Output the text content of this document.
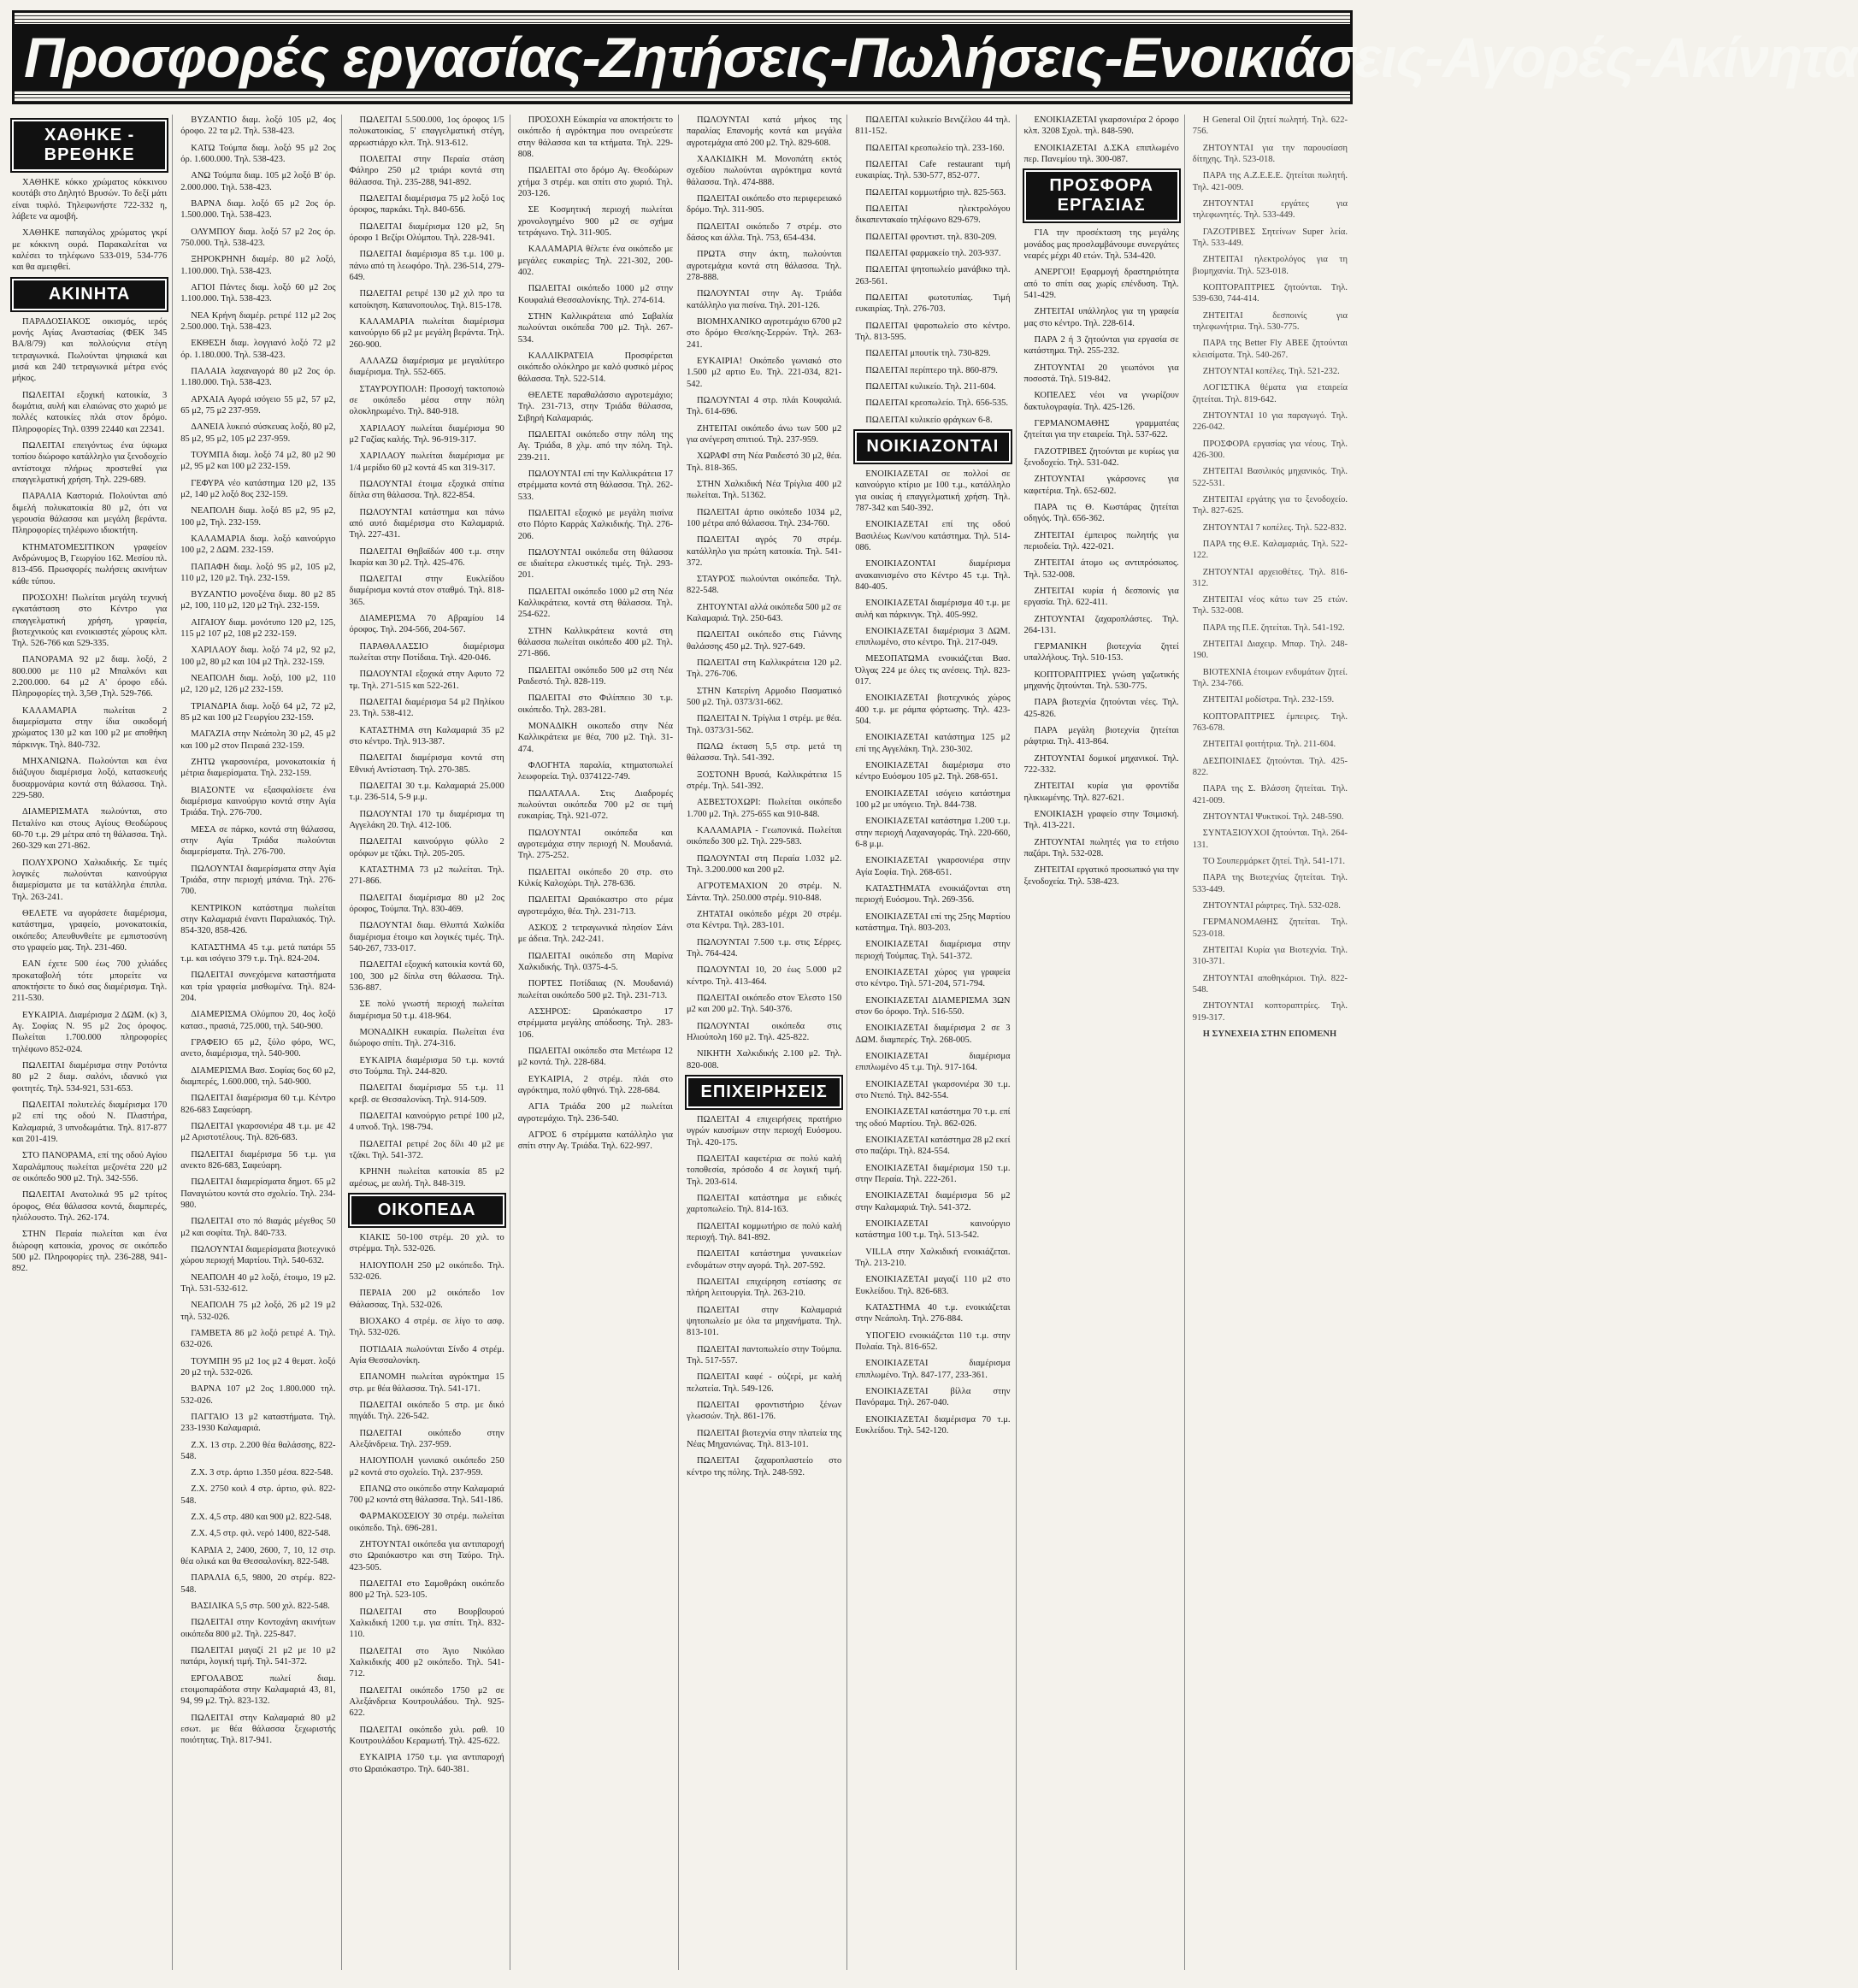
Προσφορές εργασίας-Ζητήσεις-Πωλήσεις-Ενοικιάσεις-Αγορές-Ακίνητα
ΧΑΘΗΚΕ - ΒΡΕΘΗΚΕ

ΧΑΘΗΚΕ κόκκο χρώματος κόκκινου κουτάβι στο Δηλητό Βρυσών. Το δεξί μάτι είναι τυφλό. Τηλεφωνήστε 722-332 η, λάβετε να αμοιβή.

ΧΑΘΗΚΕ παπαγάλος χρώματος γκρί με κόκκινη ουρά. Παρακαλείται να καλέσει το τηλέφωνο 533-019, 534-776 και θα αμειφθεί.

ΑΚΙΝΗΤΑ

ΠΑΡΑΔΟΣΙΑΚΟΣ οικισμός, ιερός μονής Αγίας Αναστασίας (ΦΕΚ 345 ΒΑ/8/79) και πολλούςνια στέγη τετραγωνικά. Πωλούνται ψηφιακά και μισά και 240 τετραγωνικά μέτρα ενός μήκος.

ΠΩΛΕΙΤΑΙ εξοχική κατοικία, 3 δωμάτια, αυλή και ελαιώνας στο χωριό με πολλές κατοικίες πλάι στον δρόμο. Πληροφορίες Τηλ. 0399 22440 και 22341.

ΠΩΛΕΙΤΑΙ επειγόντως ένα ύψωμα τοπίου διώροφο κατάλληλο για ξενοδοχείο αντίστοιχα πλήρως προστεθεί για επαγγελματική χρήση. Τηλ. 229-689.

ΠΑΡΑΛΙΑ Καστοριά. Πολούνται από διμελή πολυκατοικία 80 μ2, ότι να γερουσία θάλασσα και μεγάλη βεράντα. Πληροφορίες τηλέφωνο ιδιοκτήτη.

ΚΤΗΜΑΤΟΜΕΣΙΤΙΚΟΝ γραφείον Ανδρώνυμος Β, Γεωργίου 162. Μεσίου πλ. 813-456. Πρωσφορές πωλήσεις ακινήτων κάθε τύπου.

ΠΡΟΣΟΧΗ! Πωλείται μεγάλη τεχνική εγκατάσταση στο Κέντρο για επαγγελματική χρήση, γραφεία, βιοτεχνικούς και ενοικιαστές χώρους κλπ. Τηλ. 526-766 και 529-335.

ΠΑΝΟΡΑΜΑ 92 μ2 διαμ. λοξό, 2 800.000 με 110 μ2 Μπαλκόνι και 2.200.000. 64 μ2 Α' όροφο εδώ. Πληροφορίες τηλ. 3,5Θ ,Τηλ. 529-766.

ΚΑΛΑΜΑΡΙΑ πωλείται 2 διαμερίσματα στην ίδια οικοδομή χρώματος 130 μ2 και 100 μ2 με αποθήκη πάρκινγκ. Τηλ. 840-732.

ΜΗΧΑΝΙΩΝΑ. Πωλούνται και ένα διάζυγου διαμέρισμα λοξό, κατασκευής δυσαρμονάρια κοντά στη θάλασσα. Τηλ. 229-580.

ΔΙΑΜΕΡΙΣΜΑΤΑ πωλούνται, στο Πεταλίνο και στους Αγίους Θεοδώρους 60-70 τ.μ. 29 μέτρα από τη θάλασσα. Τηλ. 260-329 και 271-862.

ΠΟΛΥΧΡΟΝΟ Χαλκιδικής. Σε τιμές λογικές πωλούνται καινούργια διαμερίσματα με τα κατάλληλα έπιπλα. Τηλ. 263-241.

ΘΕΛΕΤΕ να αγοράσετε διαμέρισμα, κατάστημα, γραφείο, μονοκατοικία, οικόπεδο; Απευθυνθείτε με εμπιστοσύνη στο γραφείο μας. Τηλ. 231-460.

ΕΑΝ έχετε 500 έως 700 χιλιάδες προκαταβολή τότε μπορείτε να αποκτήσετε το δικό σας διαμέρισμα. Τηλ. 211-530.

ΕΥΚΑΙΡΙΑ. Διαμέρισμα 2 ΔΩΜ. (κ) 3, Αγ. Σοφίας Ν. 95 μ2 2ος όροφος. Πωλείται 1.700.000 πληροφορίες τηλέφωνο 852-024.

ΠΩΛΕΙΤΑΙ διαμέρισμα στην Ροτόντα 80 μ2 2 διαμ. σαλόνι, ιδανικό για φοιτητές. Τηλ. 534-921, 531-653.

ΠΩΛΕΙΤΑΙ πολυτελές διαμέρισμα 170 μ2 επί της οδού Ν. Πλαστήρα, Καλαμαριά, 3 υπνοδωμάτια. Τηλ. 817-877 και 201-419.

ΣΤΟ ΠΑΝΟΡΑΜΑ, επί της οδού Αγίου Χαραλάμπους πωλείται μεζονέτα 220 μ2 σε οικόπεδο 900 μ2. Τηλ. 342-556.

ΠΩΛΕΙΤΑΙ Ανατολικά 95 μ2 τρίτος όροφος, Θέα θάλασσα κοντά, διαμπερές, ηλιόλουστο. Τηλ. 262-174.

ΣΤΗΝ Περαία πωλείται και ένα διώροφη κατοικία, χρονος σε οικόπεδο 500 μ2. Πληροφορίες τηλ. 236-288, 941-892.

ΒΥΖΑΝΤΙΟ διαμ. λοξό 105 μ2, 4ος όροφο. 22 τα μ2. Τηλ. 538-423.

ΚΑΤΩ Τούμπα διαμ. λοξό 95 μ2 2ος όρ. 1.600.000. Τηλ. 538-423.

ΑΝΩ Τούμπα διαμ. 105 μ2 λοξό Β' όρ. 2.000.000. Τηλ. 538-423.

ΒΑΡΝΑ διαμ. λοξό 65 μ2 2ος όρ. 1.500.000. Τηλ. 538-423.

ΟΛΥΜΠΟΥ διαμ. λοξό 57 μ2 2ος όρ. 750.000. Τηλ. 538-423.

ΞΗΡΟΚΡΗΝΗ διαμέρ. 80 μ2 λοξό, 1.100.000. Τηλ. 538-423.

ΑΓΙΟΙ Πάντες διαμ. λοξό 60 μ2 2ος 1.100.000. Τηλ. 538-423.

ΝΕΑ Κρήνη διαμέρ. ρετιρέ 112 μ2 2ος 2.500.000. Τηλ. 538-423.

ΕΚΘΕΣΗ διαμ. λογγιανό λοξό 72 μ2 όρ. 1.180.000. Τηλ. 538-423.

ΠΑΛΑΙΑ λαχαναγορά 80 μ2 2ος όρ. 1.180.000. Τηλ. 538-423.

ΑΡΧΑΙΑ Αγορά ισόγειο 55 μ2, 57 μ2, 65 μ2, 75 μ2 237-959.

ΔΑΝΕΙΑ λυκειό σύσκευας λοξό, 80 μ2, 85 μ2, 95 μ2, 105 μ2 237-959.

ΤΟΥΜΠΑ διαμ. λοξό 74 μ2, 80 μ2 90 μ2, 95 μ2 και 100 μ2 232-159.

ΓΕΦΥΡΑ νέο κατάστημα 120 μ2, 135 μ2, 140 μ2 λοξό 8ος 232-159.

ΝΕΑΠΟΛΗ διαμ. λοξό 85 μ2, 95 μ2, 100 μ2, Τηλ. 232-159.

ΚΑΛΑΜΑΡΙΑ διαμ. λοξό καινούργιο 100 μ2, 2 ΔΩΜ. 232-159.

ΠΑΠΑΦΗ διαμ. λοξό 95 μ2, 105 μ2, 110 μ2, 120 μ2. Τηλ. 232-159.

ΒΥΖΑΝΤΙΟ μονοξένα διαμ. 80 μ2 85 μ2, 100, 110 μ2, 120 μ2 Τηλ. 232-159.

ΑΙΓΑΙΟΥ διαμ. μονότυπο 120 μ2, 125, 115 μ2 107 μ2, 108 μ2 232-159.

ΧΑΡΙΛΑΟΥ διαμ. λοξό 74 μ2, 92 μ2, 100 μ2, 80 μ2 και 104 μ2 Τηλ. 232-159.

ΝΕΑΠΟΛΗ διαμ. λοξό, 100 μ2, 110 μ2, 120 μ2, 126 μ2 232-159.

ΤΡΙΑΝΔΡΙΑ διαμ. λοξό 64 μ2, 72 μ2, 85 μ2 και 100 μ2 Γεωργίου 232-159.

ΜΑΓΑΖΙΑ στην Νεάπολη 30 μ2, 45 μ2 και 100 μ2 στον Πειραιά 232-159.

ΖΗΤΩ γκαρσονιέρα, μονοκατοικία ή μέτρια διαμερίσματα. Τηλ. 232-159.

ΒΙΑΣΟΝΤΕ να εξασφαλίσετε ένα διαμέρισμα καινούργιο κοντά στην Αγία Τριάδα. Τηλ. 276-700.

ΜΕΣΑ σε πάρκο, κοντά στη θάλασσα, στην Αγία Τριάδα πωλούνται διαμερίσματα. Τηλ. 276-700.

ΠΩΛΟΥΝΤΑΙ διαμερίσματα στην Αγία Τριάδα, στην περιοχή μπάνια. Τηλ. 276-700.

ΚΕΝΤΡΙΚΟΝ κατάστημα πωλείται στην Καλαμαριά έναντι Παραλιακός. Τηλ. 854-320, 858-426.

ΚΑΤΑΣΤΗΜΑ 45 τ.μ. μετά πατάρι 55 τ.μ. και ισόγειο 379 τ.μ. Τηλ. 824-204.

ΠΩΛΕΙΤΑΙ συνεχόμενα καταστήματα και τρία γραφεία μισθωμένα. Τηλ. 824-204.

ΔΙΑΜΕΡΙΣΜΑ Ολύμπου 20, 4ος λοξό κατασ., πρασιά, 725.000, τηλ. 540-900.

ΓΡΑΦΕΙΟ 65 μ2, ξύλο φόρο, WC, ανετο, διαμέρισμα, τηλ. 540-900.

ΔΙΑΜΕΡΙΣΜΑ Βασ. Σοφίας 6ος 60 μ2, διαμπερές, 1.600.000, τηλ. 540-900.

ΠΩΛΕΙΤΑΙ διαμέρισμα 60 τ.μ. Κέντρο 826-683 Σαφεύαρη.

ΠΩΛΕΙΤΑΙ γκαρσονιέρα 48 τ.μ. με 42 μ2 Αριστοτέλους. Τηλ. 826-683.

ΠΩΛΕΙΤΑΙ διαμέρισμα 56 τ.μ. για ανεκτο 826-683, Σαφεύαρη.

ΠΩΛΕΙΤΑΙ διαμερίσματα δημοτ. 65 μ2 Παναγιώτου κοντά στο σχολείο. Τηλ. 234-980.

ΠΩΛΕΙΤΑΙ στο πό 8ιαμάς μέγεθος 50 μ2 και σοφίτα. Τηλ. 840-733.

ΠΩΛΟΥΝΤΑΙ διαμερίσματα βιοτεχνικό χώρου περιοχή Μαρτίου. Τηλ. 540-632.

ΝΕΑΠΟΛΗ 40 μ2 λοξό, έτοιμο, 19 μ2. Τηλ. 531-532-612.

ΝΕΑΠΟΛΗ 75 μ2 λοξό, 26 μ2 19 μ2 τηλ. 532-026.

ΓΑΜΒΕΤΑ 86 μ2 λοξό ρετιρέ Α. Τηλ. 632-026.

ΤΟΥΜΠΗ 95 μ2 1ος μ2 4 θεματ. λοξό 20 μ2 τηλ. 532-026.

ΒΑΡΝΑ 107 μ2 2ος 1.800.000 τηλ. 532-026.

ΠΑΓΓΑΙΟ 13 μ2 καταστήματα. Τηλ. 233-1930 Καλαμαριά.

Ζ.Χ. 13 στρ. 2.200 θέα θαλάσσης, 822-548.

Ζ.Χ. 3 στρ. άρτιο 1.350 μέσα. 822-548.

Ζ.Χ. 2750 κοιλ 4 στρ. άρτιο, φιλ. 822-548.

Ζ.Χ. 4,5 στρ. 480 και 900 μ2. 822-548.

Ζ.Χ. 4,5 στρ. φιλ. νερό 1400, 822-548.

ΚΑΡΔΙΑ 2, 2400, 2600, 7, 10, 12 στρ. θέα ολικά και θα Θεσσαλονίκη. 822-548.

ΠΑΡΑΛΙΑ 6,5, 9800, 20 στρέμ. 822-548.

ΒΑΣΙΛΙΚΑ 5,5 στρ. 500 χιλ. 822-548.

ΠΩΛΕΙΤΑΙ στην Κοντοχάνη ακινήτων οικόπεδα 800 μ2. Τηλ. 225-847.

ΠΩΛΕΙΤΑΙ μαγαζί 21 μ2 με 10 μ2 πατάρι, λογική τιμή. Τηλ. 541-372.

ΕΡΓΟΛΑΒΟΣ πωλεί διαμ. ετοιμοπαράδοτα στην Καλαμαριά 43, 81, 94, 99 μ2. Τηλ. 823-132.

ΠΩΛΕΙΤΑΙ στην Καλαμαριά 80 μ2 εσωτ. με θέα θάλασσα ξεχωριστής ποιότητας. Τηλ. 817-941.

ΠΩΛΕΙΤΑΙ 5.500.000, 1ος όροφος 1/5 πολυκατοικίας, 5' επαγγελματική στέγη, αρρωστιάρχο κλπ. Τηλ. 913-612.

ΠΟΛΕΙΤΑΙ στην Περαία στάση Φάληρο 250 μ2 τριάρι κοντά στη θάλασσα. Τηλ. 235-288, 941-892.

ΠΩΛΕΙΤΑΙ διαμέρισμα 75 μ2 λοξό 1ος όροφος, παρκάκι. Τηλ. 840-656.

ΠΩΛΕΙΤΑΙ διαμέρισμα 120 μ2, 5η όροφο 1 Βεζίρι Ολύμπου. Τηλ. 228-941.

ΠΩΛΕΙΤΑΙ διαμέρισμα 85 τ.μ. 100 μ. πάνω από τη λεωφόρο. Τηλ. 236-514, 279-649.

ΠΩΛΕΙΤΑΙ ρετιρέ 130 μ2 χιλ προ τα κατοίκηση. Καπανοπουλος. Τηλ. 815-178.

ΚΑΛΑΜΑΡΙΑ πωλείται διαμέρισμα καινούργιο 66 μ2 με μεγάλη βεράντα. Τηλ. 260-900.

ΑΛΛΑΖΩ διαμέρισμα με μεγαλύτερο διαμέρισμα. Τηλ. 552-665.

ΣΤΑΥΡΟΥΠΟΛΗ: Προσοχή τακτοποιώ σε οικόπεδο μέσα στην πόλη ολοκληρωμένο. Τηλ. 840-918.

ΧΑΡΙΛΑΟΥ πωλείται διαμέρισμα 90 μ2 Γαζίας καλής. Τηλ. 96-919-317.

ΧΑΡΙΛΑΟΥ πωλείται διαμέρισμα με 1/4 μερίδιο 60 μ2 κοντά 45 και 319-317.

ΠΩΛΟΥΝΤΑΙ έτοιμα εξοχικά σπίτια δίπλα στη θάλασσα. Τηλ. 822-854.

ΠΩΛΟΥΝΤΑΙ κατάστημα και πάνω από αυτό διαμέρισμα στο Καλαμαριά. Τηλ. 227-431.

ΠΩΛΕΙΤΑΙ Θηβαϊδών 400 τ.μ. στην Ικαρία και 30 μ2. Τηλ. 425-476.

ΠΩΛΕΙΤΑΙ στην Ευκλείδου διαμέρισμα κοντά στον σταθμό. Τηλ. 818-365.

ΔΙΑΜΕΡΙΣΜΑ 70 Αβραμίου 14 όροφος. Τηλ. 204-566, 204-567.

ΠΑΡΑΘΑΛΑΣΣΙΟ διαμέρισμα πωλείται στην Ποτίδαια. Τηλ. 420-046.

ΠΩΛΟΥΝΤΑΙ εξοχικά στην Αφυτο 72 τμ. Τηλ. 271-515 και 522-261.

ΠΩΛΕΙΤΑΙ διαμέρισμα 54 μ2 Πηλίκου 23. Τηλ. 538-412.

ΚΑΤΑΣΤΗΜΑ στη Καλαμαριά 35 μ2 στο κέντρο. Τηλ. 913-387.

ΠΩΛΕΙΤΑΙ διαμέρισμα κοντά στη Εθνική Αντίσταση. Τηλ. 270-385.

ΠΩΛΕΙΤΑΙ 30 τ.μ. Καλαμαριά 25.000 τ.μ. 236-514, 5-9 μ.μ.

ΠΩΛΟΥΝΤΑΙ 170 τμ διαμέρισμα τη Αγγελάκη 20. Τηλ. 412-106.

ΠΩΛΕΙΤΑΙ καινούργιο φύλλο 2 ορόφων με τζάκι. Τηλ. 205-205.

ΚΑΤΑΣΤΗΜΑ 73 μ2 πωλείται. Τηλ. 271-866.

ΠΩΛΕΙΤΑΙ διαμέρισμα 80 μ2 2ος όροφος, Τούμπα. Τηλ. 830-469.

ΠΩΛΟΥΝΤΑΙ διαμ. Θλυπτά Χαλκίδα διαμέρισμα έτοιμο και λογικές τιμές. Τηλ. 540-267, 733-017.

ΠΩΛΕΙΤΑΙ εξοχική κατοικία κοντά 60, 100, 300 μ2 δίπλα στη θάλασσα. Τηλ. 536-887.

ΣΕ πολύ γνωστή περιοχή πωλείται διαμέρισμα 50 τ.μ. 418-964.

ΜΟΝΑΔΙΚΗ ευκαιρία. Πωλείται ένα διώροφο σπίτι. Τηλ. 274-316.

ΕΥΚΑΙΡΙΑ διαμέρισμα 50 τ.μ. κοντά στο Τούμπα. Τηλ. 244-820.

ΠΩΛΕΙΤΑΙ διαμέρισμα 55 τ.μ. 11 κρεβ. σε Θεσσαλονίκη. Τηλ. 914-509.

ΠΩΛΕΙΤΑΙ καινούργιο ρετιρέ 100 μ2, 4 υπνοδ. Τηλ. 198-794.

ΠΩΛΕΙΤΑΙ ρετιρέ 2ος δίλι 40 μ2 με τζάκι. Τηλ. 541-372.

ΚΡΗΝΗ πωλείται κατοικία 85 μ2 αμέσως, με αυλή. Τηλ. 848-319.

ΟΙΚΟΠΕΔΑ

ΚΙΑΚΙΣ 50-100 στρέμ. 20 χιλ. το στρέμμα. Τηλ. 532-026.

ΗΛΙΟΥΠΟΛΗ 250 μ2 οικόπεδο. Τηλ. 532-026.

ΠΕΡΑΙΑ 200 μ2 οικόπεδο 1ον Θάλασσας. Τηλ. 532-026.

ΒΙΟΧΑΚΟ 4 στρέμ. σε λίγο το ασφ. Τηλ. 532-026.

ΠΟΤΙΔΑΙΑ πωλούνται Σίνδο 4 στρέμ. Αγία Θεσσαλονίκη.

ΕΠΑΝΟΜΗ πωλείται αγρόκτημα 15 στρ. με θέα θάλασσα. Τηλ. 541-171.

ΠΩΛΕΙΤΑΙ οικόπεδο 5 στρ. με δικό πηγάδι. Τηλ. 226-542.

ΠΩΛΕΙΤΑΙ οικόπεδο στην Αλεξάνδρεια. Τηλ. 237-959.

ΗΛΙΟΥΠΟΛΗ γωνιακό οικόπεδο 250 μ2 κοντά στο σχολείο. Τηλ. 237-959.

ΕΠΑΝΩ στο οικόπεδο στην Καλαμαριά 700 μ2 κοντά στη θάλασσα. Τηλ. 541-186.

ΦΑΡΜΑΚΟΣΕΙΟΥ 30 στρέμ. πωλείται οικόπεδο. Τηλ. 696-281.

ΖΗΤΟΥΝΤΑΙ οικόπεδα για αντιπαροχή στο Ωραιόκαστρο και στη Ταύρο. Τηλ. 423-505.

ΠΩΛΕΙΤΑΙ στο Σαμοθράκη οικόπεδο 800 μ2 Τηλ. 523-105.

ΠΩΛΕΙΤΑΙ στο Βουρβουρού Χαλκιδική 1200 τ.μ. για σπίτι. Τηλ. 832-110.

ΠΩΛΕΙΤΑΙ στο Άγιο Νικόλαο Χαλκιδικής 400 μ2 οικόπεδο. Τηλ. 541-712.

ΠΩΛΕΙΤΑΙ οικόπεδο 1750 μ2 σε Αλεξάνδρεια Κουτρουλάδου. Τηλ. 925-622.

ΠΩΛΕΙΤΑΙ οικόπεδο χιλι. ραθ. 10 Κουτρουλάδου Κεραμωτή. Τηλ. 425-622.

ΕΥΚΑΙΡΙΑ 1750 τ.μ. για αντιπαροχή στο Ωραιόκαστρο. Τηλ. 640-381.

ΠΡΟΣΟΧΗ Εύκαιρία να αποκτήσετε το οικόπεδο ή αγρόκτημα που ονειρεύεστε στην θάλασσα και τα κτήματα. Τηλ. 229-808.

ΠΩΛΕΙΤΑΙ στο δρόμο Αγ. Θεοδώρων χτήμα 3 στρέμ. και σπίτι στο χωριό. Τηλ. 203-126.

ΣΕ Κοσμητική περιοχή πωλείται χρονολογημένο 900 μ2 σε σχήμα τετράγωνο. Τηλ. 311-905.

ΚΑΛΑΜΑΡΙΑ θέλετε ένα οικόπεδο με μεγάλες ευκαιρίες; Τηλ. 221-302, 200-402.

ΠΩΛΕΙΤΑΙ οικόπεδο 1000 μ2 στην Κουφαλιά Θεσσαλονίκης. Τηλ. 274-614.

ΣΤΗΝ Καλλικράτεια από Σαβαλία πωλούνται οικόπεδα 700 μ2. Τηλ. 267-534.

ΚΑΛΛΙΚΡΑΤΕΙΑ Προσφέρεται οικόπεδο ολόκληρο με καλό φυσικό μέρος θάλασσα. Τηλ. 522-514.

ΘΕΛΕΤΕ παραθαλάσσιο αγροτεμάχιο; Τηλ. 231-713, στην Τριάδα θάλασσα, Σιβηρή Καλαμαριάς.

ΠΩΛΕΙΤΑΙ οικόπεδο στην πόλη της Αγ. Τριάδα, 8 χλμ. από την πόλη. Τηλ. 239-211.

ΠΩΛΟΥΝΤΑΙ επί την Καλλικράτεια 17 στρέμματα κοντά στη θάλασσα. Τηλ. 262-533.

ΠΩΛΕΙΤΑΙ εξοχικό με μεγάλη πισίνα στο Πόρτο Καρράς Χαλκιδικής. Τηλ. 276-206.

ΠΩΛΟΥΝΤΑΙ οικόπεδα στη θάλασσα σε ιδιαίτερα ελκυστικές τιμές. Τηλ. 293-201.

ΠΩΛΕΙΤΑΙ οικόπεδο 1000 μ2 στη Νέα Καλλικράτεια, κοντά στη θάλασσα. Τηλ. 254-622.

ΣΤΗΝ Καλλικράτεια κοντά στη θάλασσα πωλείται οικόπεδο 400 μ2. Τηλ. 271-866.

ΠΩΛΕΙΤΑΙ οικόπεδο 500 μ2 στη Νέα Ραιδεστό. Τηλ. 828-119.

ΠΩΛΕΙΤΑΙ στο Φιλίππειο 30 τ.μ. οικόπεδο. Τηλ. 283-281.

ΜΟΝΑΔΙΚΗ οικοπεδο στην Νέα Καλλικράτεια με θέα, 700 μ2. Τηλ. 31-474.

ΦΛΟΓΗΤΑ παραλία, κτηματοπωλεί λεωφορεία. Τηλ. 0374122-749.

ΠΩΛΑΤΑΛΑ. Στις Διαδρομές πωλούνται οικόπεδα 700 μ2 σε τιμή ευκαιρίας. Τηλ. 921-072.

ΠΩΛΟΥΝΤΑΙ οικόπεδα και αγροτεμάχια στην περιοχή Ν. Μουδανιά. Τηλ. 275-252.

ΠΩΛΕΙΤΑΙ οικόπεδο 20 στρ. στο Κιλκίς Καλοχώρι. Τηλ. 278-636.

ΠΩΛΕΙΤΑΙ Ωραιόκαστρο στο ρέμα αγροτεμάχιο, θέα. Τηλ. 231-713.

ΑΣΚΟΣ 2 τετραγωνικά πλησίον Σάνι με άδεια. Τηλ. 242-241.

ΠΩΛΕΙΤΑΙ οικόπεδο στη Μαρίνα Χαλκιδικής. Τηλ. 0375-4-5.

ΠΟΡΤΕΣ Ποτίδαιας (Ν. Μουδανιά) πωλείται οικόπεδο 500 μ2. Τηλ. 231-713.

ΑΣΣΗΡΟΣ: Ωραιόκαστρο 17 στρέμματα μεγάλης απόδοσης. Τηλ. 283-106.

ΠΩΛΕΙΤΑΙ οικόπεδο στα Μετέωρα 12 μ2 κοντά. Τηλ. 228-684.

ΕΥΚΑΙΡΙΑ, 2 στρέμ. πλάι στο αγρόκτημα, πολύ φθηνό. Τηλ. 228-684.

ΑΓΙΑ Τριάδα 200 μ2 πωλείται αγροτεμάχιο. Τηλ. 236-540.

ΑΓΡΟΣ 6 στρέμματα κατάλληλο για σπίτι στην Αγ. Τριάδα. Τηλ. 622-997.

ΠΩΛΟΥΝΤΑΙ κατά μήκος της παραλίας Επανομής κοντά και μεγάλα αγροτεμάχια από 200 μ2. Τηλ. 829-608.

ΧΑΛΚΙΔΙΚΗ Μ. Μονοπάτη εκτός σχεδίου πωλούνται αγρόκτημα κοντά θάλασσα. Τηλ. 474-888.

ΠΩΛΕΙΤΑΙ οικόπεδο στο περιφερειακό δρόμο. Τηλ. 311-905.

ΠΩΛΕΙΤΑΙ οικόπεδο 7 στρέμ. στο δάσος και άλλα. Τηλ. 753, 654-434.

ΠΡΩΤΑ στην άκτη, πωλούνται αγροτεμάχια κοντά στη θάλασσα. Τηλ. 278-888.

ΠΩΛΟΥΝΤΑΙ στην Αγ. Τριάδα κατάλληλο για πισίνα. Τηλ. 201-126.

ΒΙΟΜΗΧΑΝΙΚΟ αγροτεμάχιο 6700 μ2 στο δρόμο Θεσ/κης-Σερρών. Τηλ. 263-241.

ΕΥΚΑΙΡΙΑ! Οικόπεδο γωνιακό στο 1.500 μ2 αρτιο Ευ. Τηλ. 221-034, 821-542.

ΠΩΛΟΥΝΤΑΙ 4 στρ. πλάι Κουφαλιά. Τηλ. 614-696.

ΖΗΤΕΙΤΑΙ οικόπεδο άνω των 500 μ2 για ανέγερση σπιτιού. Τηλ. 237-959.

ΧΩΡΑΦΙ στη Νέα Ραιδεστό 30 μ2, θέα. Τηλ. 818-365.

ΣΤΗΝ Χαλκιδική Νέα Τρίγλια 400 μ2 πωλείται. Τηλ. 51362.

ΠΩΛΕΙΤΑΙ άρτιο οικόπεδο 1034 μ2, 100 μέτρα από θάλασσα. Τηλ. 234-760.

ΠΩΛΕΙΤΑΙ αγρός 70 στρέμ. κατάλληλο για πρώτη κατοικία. Τηλ. 541-372.

ΣΤΑΥΡΟΣ πωλούνται οικόπεδα. Τηλ. 822-548.

ΖΗΤΟΥΝΤΑΙ αλλά οικόπεδα 500 μ2 σε Καλαμαριά. Τηλ. 250-643.

ΠΩΛΕΙΤΑΙ οικόπεδο στις Γιάννης θαλάσσης 450 μ2. Τηλ. 927-649.

ΠΩΛΕΙΤΑΙ στη Καλλικράτεια 120 μ2. Τηλ. 276-706.

ΣΤΗΝ Κατερίνη Αρμοδιο Πασματικό 500 μ2. Τηλ. 0373/31-662.

ΠΩΛΕΙΤΑΙ Ν. Τρίγλια 1 στρέμ. με θέα. Τηλ. 0373/31-562.

ΠΩΛΩ έκταση 5,5 στρ. μετά τη θάλασσα. Τηλ. 541-392.

ΞΟΣΤΟΝΗ Βρυσά, Καλλικράτεια 15 στρέμ. Τηλ. 541-392.

ΑΣΒΕΣΤΟΧΩΡΙ: Πωλείται οικόπεδο 1.700 μ2. Τηλ. 275-655 και 910-848.

ΚΑΛΑΜΑΡΙΑ - Γεωπονικά. Πωλείται οικόπεδο 300 μ2. Τηλ. 229-583.

ΠΩΛΟΥΝΤΑΙ στη Περαία 1.032 μ2. Τηλ. 3.200.000 και 200 μ2.

ΑΓΡΟΤΕΜΑΧΙΟΝ 20 στρέμ. Ν. Σάντα. Τηλ. 250.000 στρέμ. 910-848.

ΖΗΤΑΤΑΙ οικόπεδο μέχρι 20 στρέμ. στα Κέντρα. Τηλ. 283-101.

ΠΩΛΟΥΝΤΑΙ 7.500 τ.μ. στις Σέρρες. Τηλ. 764-424.

ΠΩΛΟΥΝΤΑΙ 10, 20 έως 5.000 μ2 κέντρο. Τηλ. 413-464.

ΠΩΛΕΙΤΑΙ οικόπεδο στον Έλεστο 150 μ2 και 200 μ2. Τηλ. 540-376.

ΠΩΛΟΥΝΤΑΙ οικόπεδα στις Ηλιούπολη 160 μ2. Τηλ. 425-822.

ΝΙΚΗΤΗ Χαλκιδικής 2.100 μ2. Τηλ. 820-008.

ΕΠΙΧΕΙΡΗΣΕΙΣ

ΠΩΛΕΙΤΑΙ 4 επιχειρήσεις πρατήριο υγρών καυσίμων στην περιοχή Ευόσμου. Τηλ. 420-175.

ΠΩΛΕΙΤΑΙ καφετέρια σε πολύ καλή τοποθεσία, πρόσοδο 4 σε λογική τιμή. Τηλ. 203-614.

ΠΩΛΕΙΤΑΙ κατάστημα με ειδικές χαρτοπωλείο. Τηλ. 814-163.

ΠΩΛΕΙΤΑΙ κομμωτήριο σε πολύ καλή περιοχή. Τηλ. 841-892.

ΠΩΛΕΙΤΑΙ κατάστημα γυναικείων ενδυμάτων στην αγορά. Τηλ. 207-592.

ΠΩΛΕΙΤΑΙ επιχείρηση εστίασης σε πλήρη λειτουργία. Τηλ. 263-210.

ΠΩΛΕΙΤΑΙ στην Καλαμαριά ψητοπωλείο με όλα τα μηχανήματα. Τηλ. 813-101.

ΠΩΛΕΙΤΑΙ παντοπωλείο στην Τούμπα. Τηλ. 517-557.

ΠΩΛΕΙΤΑΙ καφέ - ούζερί, με καλή πελατεία. Τηλ. 549-126.

ΠΩΛΕΙΤΑΙ φροντιστήριο ξένων γλωσσών. Τηλ. 861-176.

ΠΩΛΕΙΤΑΙ βιοτεχνία στην πλατεία της Νέας Μηχανιώνας. Τηλ. 813-101.

ΠΩΛΕΙΤΑΙ ζαχαροπλαστείο στο κέντρο της πόλης. Τηλ. 248-592.

ΠΩΛΕΙΤΑΙ κυλικείο Βενιζέλου 44 τηλ. 811-152.

ΠΩΛΕΙΤΑΙ κρεοπωλείο τηλ. 233-160.

ΠΩΛΕΙΤΑΙ Cafe restaurant τιμή ευκαιρίας. Τηλ. 530-577, 852-077.

ΠΩΛΕΙΤΑΙ κομμωτήριο τηλ. 825-563.

ΠΩΛΕΙΤΑΙ ηλεκτρολόγου δικαπεντακαίο τηλέφωνο 829-679.

ΠΩΛΕΙΤΑΙ φροντιστ. τηλ. 830-209.

ΠΩΛΕΙΤΑΙ φαρμακείο τηλ. 203-937.

ΠΩΛΕΙΤΑΙ ψητοπωλείο μανάβικο τηλ. 263-561.

ΠΩΛΕΙΤΑΙ φωτοτυπίας. Τιμή ευκαιρίας. Τηλ. 276-703.

ΠΩΛΕΙΤΑΙ ψαροπωλείο στο κέντρο. Τηλ. 813-595.

ΠΩΛΕΙΤΑΙ μπουτίκ τηλ. 730-829.

ΠΩΛΕΙΤΑΙ περίπτερο τηλ. 860-879.

ΠΩΛΕΙΤΑΙ κυλικείο. Τηλ. 211-604.

ΠΩΛΕΙΤΑΙ κρεοπωλείο. Τηλ. 656-535.

ΠΩΛΕΙΤΑΙ κυλικείο φράγκων 6-8.

ΝΟΙΚΙΑΖΟΝΤΑΙ

ΕΝΟΙΚΙΑΖΕΤΑΙ σε πολλοί σε καινούργιο κτίριο με 100 τ.μ., κατάλληλο για οικίας ή επαγγελματική χρήση. Τηλ. 787-342 και 540-392.

ΕΝΟΙΚΙΑΖΕΤΑΙ επί της οδού Βασιλέως Κων/νου κατάστημα. Τηλ. 514-086.

ΕΝΟΙΚΙΑΖΟΝΤΑΙ διαμέρισμα ανακαινισμένο στο Κέντρο 45 τ.μ. Τηλ. 840-405.

ΕΝΟΙΚΙΑΖΕΤΑΙ διαμέρισμα 40 τ.μ. με αυλή και πάρκινγκ. Τηλ. 405-992.

ΕΝΟΙΚΙΑΖΕΤΑΙ διαμέρισμα 3 ΔΩΜ. επιπλωμένο, στο κέντρο. Τηλ. 217-049.

ΜΕΣΟΠΑΤΩΜΑ ενοικιάζεται Βασ. Όλγας 224 με όλες τις ανέσεις. Τηλ. 823-017.

ΕΝΟΙΚΙΑΖΕΤΑΙ βιοτεχνικός χώρος 400 τ.μ. με ράμπα φόρτωσης. Τηλ. 423-504.

ΕΝΟΙΚΙΑΖΕΤΑΙ κατάστημα 125 μ2 επί της Αγγελάκη. Τηλ. 230-302.

ΕΝΟΙΚΙΑΖΕΤΑΙ διαμέρισμα στο κέντρο Ευόσμου 105 μ2. Τηλ. 268-651.

ΕΝΟΙΚΙΑΖΕΤΑΙ ισόγειο κατάστημα 100 μ2 με υπόγειο. Τηλ. 844-738.

ΕΝΟΙΚΙΑΖΕΤΑΙ κατάστημα 1.200 τ.μ. στην περιοχή Λαχαναγοράς. Τηλ. 220-660, 6-8 μ.μ.

ΕΝΟΙΚΙΑΖΕΤΑΙ γκαρσονιέρα στην Αγία Σοφία. Τηλ. 268-651.

ΚΑΤΑΣΤΗΜΑΤΑ ενοικιάζονται στη περιοχή Ευόσμου. Τηλ. 269-356.

ΕΝΟΙΚΙΑΖΕΤΑΙ επί της 25ης Μαρτίου κατάστημα. Τηλ. 803-203.

ΕΝΟΙΚΙΑΖΕΤΑΙ διαμέρισμα στην περιοχή Τούμπας. Τηλ. 541-372.

ΕΝΟΙΚΙΑΖΕΤΑΙ χώρος για γραφεία στο κέντρο. Τηλ. 571-204, 571-794.

ΕΝΟΙΚΙΑΖΕΤΑΙ ΔΙΑΜΕΡΙΣΜΑ 3ΩΝ στον 6ο όροφο. Τηλ. 516-550.

ΕΝΟΙΚΙΑΖΕΤΑΙ διαμέρισμα 2 σε 3 ΔΩΜ. διαμπερές. Τηλ. 268-005.

ΕΝΟΙΚΙΑΖΕΤΑΙ διαμέρισμα επιπλωμένο 45 τ.μ. Τηλ. 917-164.

ΕΝΟΙΚΙΑΖΕΤΑΙ γκαρσονιέρα 30 τ.μ. στο Ντεπό. Τηλ. 842-554.

ΕΝΟΙΚΙΑΖΕΤΑΙ κατάστημα 70 τ.μ. επί της οδού Μαρτίου. Τηλ. 862-026.

ΕΝΟΙΚΙΑΖΕΤΑΙ κατάστημα 28 μ2 εκεί στο παζάρι. Τηλ. 824-554.

ΕΝΟΙΚΙΑΖΕΤΑΙ διαμέρισμα 150 τ.μ. στην Περαία. Τηλ. 222-261.

ΕΝΟΙΚΙΑΖΕΤΑΙ διαμέρισμα 56 μ2 στην Καλαμαριά. Τηλ. 541-372.

ΕΝΟΙΚΙΑΖΕΤΑΙ καινούργιο κατάστημα 100 τ.μ. Τηλ. 513-542.

VILLA στην Χαλκιδική ενοικιάζεται. Τηλ. 213-210.

ΕΝΟΙΚΙΑΖΕΤΑΙ μαγαζί 110 μ2 στο Ευκλείδου. Τηλ. 826-683.

ΚΑΤΑΣΤΗΜΑ 40 τ.μ. ενοικιάζεται στην Νεάπολη. Τηλ. 276-884.

ΥΠΟΓΕΙΟ ενοικιάζεται 110 τ.μ. στην Πυλαία. Τηλ. 816-652.

ΕΝΟΙΚΙΑΖΕΤΑΙ διαμέρισμα επιπλωμένο. Τηλ. 847-177, 233-361.

ΕΝΟΙΚΙΑΖΕΤΑΙ βίλλα στην Πανόραμα. Τηλ. 267-040.

ΕΝΟΙΚΙΑΖΕΤΑΙ διαμέρισμα 70 τ.μ. Ευκλείδου. Τηλ. 542-120.

ΕΝΟΙΚΙΑΖΕΤΑΙ γκαρσονιέρα 2 όροφο κλπ. 3208 Σχολ. τηλ. 848-590.

ΕΝΟΙΚΙΑΖΕΤΑΙ Δ.ΣΚΑ επιπλωμένο περ. Πανεμίου τηλ. 300-087.

ΠΡΟΣΦΟΡΑ ΕΡΓΑΣΙΑΣ

ΓΙΑ την προσέκταση της μεγάλης μονάδος μας προσλαμβάνουμε συνεργάτες νεαρές μέχρι 40 ετών. Τηλ. 534-420.

ΑΝΕΡΓΟΙ! Εφαρμογή δραστηριότητα από το σπίτι σας χωρίς επένδυση. Τηλ. 541-429.

ΖΗΤΕΙΤΑΙ υπάλληλος για τη γραφεία μας στο κέντρο. Τηλ. 228-614.

ΠΑΡΑ 2 ή 3 ζητούνται για εργασία σε κατάστημα. Τηλ. 255-232.

ΖΗΤΟΥΝΤΑΙ 20 γεωπόνοι για ποσοστά. Τηλ. 519-842.

ΚΟΠΕΛΕΣ νέοι να γνωρίζουν δακτυλογραφία. Τηλ. 425-126.

ΓΕΡΜΑΝΟΜΑΘΗΣ γραμματέας ζητείται για την εταιρεία. Τηλ. 537-622.

ΓΑΖΟΤΡΙΒΕΣ ζητούνται με κυρίως για ξενοδοχείο. Τηλ. 531-042.

ΖΗΤΟΥΝΤΑΙ γκάρσονες για καφετέρια. Τηλ. 652-602.

ΠΑΡΑ τις Θ. Κωστάρας ζητείται οδηγός. Τηλ. 656-362.

ΖΗΤΕΙΤΑΙ έμπειρος πωλητής για περιοδεία. Τηλ. 422-021.

ΖΗΤΕΙΤΑΙ άτομο ως αντιπρόσωπος. Τηλ. 532-008.

ΖΗΤΕΙΤΑΙ κυρία ή δεσποινίς για εργασία. Τηλ. 622-411.

ΖΗΤΟΥΝΤΑΙ ζαχαροπλάστες. Τηλ. 264-131.

ΓΕΡΜΑΝΙΚΗ βιοτεχνία ζητεί υπαλλήλους. Τηλ. 510-153.

ΚΟΠΤΟΡΑΠΤΡΙΕΣ γνώση γαζωτικής μηχανής ζητούνται. Τηλ. 530-775.

ΠΑΡΑ βιοτεχνία ζητούνται νέες. Τηλ. 425-826.

ΠΑΡΑ μεγάλη βιοτεχνία ζητείται ράφτρια. Τηλ. 413-864.

ΖΗΤΟΥΝΤΑΙ δομικοί μηχανικοί. Τηλ. 722-332.

ΖΗΤΕΙΤΑΙ κυρία για φροντίδα ηλικιωμένης. Τηλ. 827-621.

ΕΝΟΙΚΙΑΣΗ γραφείο στην Τσιμισκή. Τηλ. 413-221.

ΖΗΤΟΥΝΤΑΙ πωλητές για το ετήσιο παζάρι. Τηλ. 532-028.

ΖΗΤΕΙΤΑΙ εργατικό προσωπικό για την ξενοδοχεία. Τηλ. 538-423.

Η General Oil ζητεί πωλητή. Τηλ. 622-756.

ΖΗΤΟΥΝΤΑΙ για την παρουσίαση δίτηχης. Τηλ. 523-018.

ΠΑΡΑ της Α.Ζ.Ε.Ε.Ε. ζητείται πωλητή. Τηλ. 421-009.

ΖΗΤΟΥΝΤΑΙ εργάτες για τηλεφωνητές. Τηλ. 533-449.

ΓΑΖΟΤΡΙΒΕΣ Σητείνων Super λεία. Τηλ. 533-449.

ΖΗΤΕΙΤΑΙ ηλεκτρολόγος για τη βιομηχανία. Τηλ. 523-018.

ΚΟΠΤΟΡΑΠΤΡΙΕΣ ζητούνται. Τηλ. 539-630, 744-414.

ΖΗΤΕΙΤΑΙ δεσποινίς για τηλεφωνήτρια. Τηλ. 530-775.

ΠΑΡΑ της Better Fly ΑΒΕΕ ζητούνται κλεισίματα. Τηλ. 540-267.

ΖΗΤΟΥΝΤΑΙ κοπέλες. Τηλ. 521-232.

ΛΟΓΙΣΤΙΚΑ θέματα για εταιρεία ζητείται. Τηλ. 819-642.

ΖΗΤΟΥΝΤΑΙ 10 για παραγωγό. Τηλ. 226-042.

ΠΡΟΣΦΟΡΑ εργασίας για νέους. Τηλ. 426-300.

ΖΗΤΕΙΤΑΙ Βασιλικός μηχανικός. Τηλ. 522-531.

ΖΗΤΕΙΤΑΙ εργάτης για το ξενοδοχείο. Τηλ. 827-625.

ΖΗΤΟΥΝΤΑΙ 7 κοπέλες. Τηλ. 522-832.

ΠΑΡΑ της Θ.Ε. Καλαμαριάς. Τηλ. 522-122.

ΖΗΤΟΥΝΤΑΙ αρχειοθέτες. Τηλ. 816-312.

ΖΗΤΕΙΤΑΙ νέος κάτω των 25 ετών. Τηλ. 532-008.

ΠΑΡΑ της Π.Ε. ζητείται. Τηλ. 541-192.

ΖΗΤΕΙΤΑΙ Διαχειρ. Μπαρ. Τηλ. 248-190.

ΒΙΟΤΕΧΝΙΑ έτοιμων ενδυμάτων ζητεί. Τηλ. 234-766.

ΖΗΤΕΙΤΑΙ μοδίστρα. Τηλ. 232-159.

ΚΟΠΤΟΡΑΠΤΡΙΕΣ έμπειρες. Τηλ. 763-678.

ΖΗΤΕΙΤΑΙ φοιτήτρια. Τηλ. 211-604.

ΔΕΣΠΟΙΝΙΔΕΣ ζητούνται. Τηλ. 425-822.

ΠΑΡΑ της Σ. Βλάσση ζητείται. Τηλ. 421-009.

ΖΗΤΟΥΝΤΑΙ Ψυκτικοί. Τηλ. 248-590.

ΣΥΝΤΑΞΙΟΥΧΟΙ ζητούνται. Τηλ. 264-131.

ΤΟ Σουπερμάρκετ ζητεί. Τηλ. 541-171.

ΠΑΡΑ της Βιοτεχνίας ζητείται. Τηλ. 533-449.

ΖΗΤΟΥΝΤΑΙ ράφτρες. Τηλ. 532-028.

ΓΕΡΜΑΝΟΜΑΘΗΣ ζητείται. Τηλ. 523-018.

ΖΗΤΕΙΤΑΙ Κυρία για Βιοτεχνία. Τηλ. 310-371.

ΖΗΤΟΥΝΤΑΙ αποθηκάριοι. Τηλ. 822-548.

ΖΗΤΟΥΝΤΑΙ κοπτοραπτρίες. Τηλ. 919-317.

Η ΣΥΝΕΧΕΙΑ ΣΤΗΝ ΕΠΟΜΕΝΗ
